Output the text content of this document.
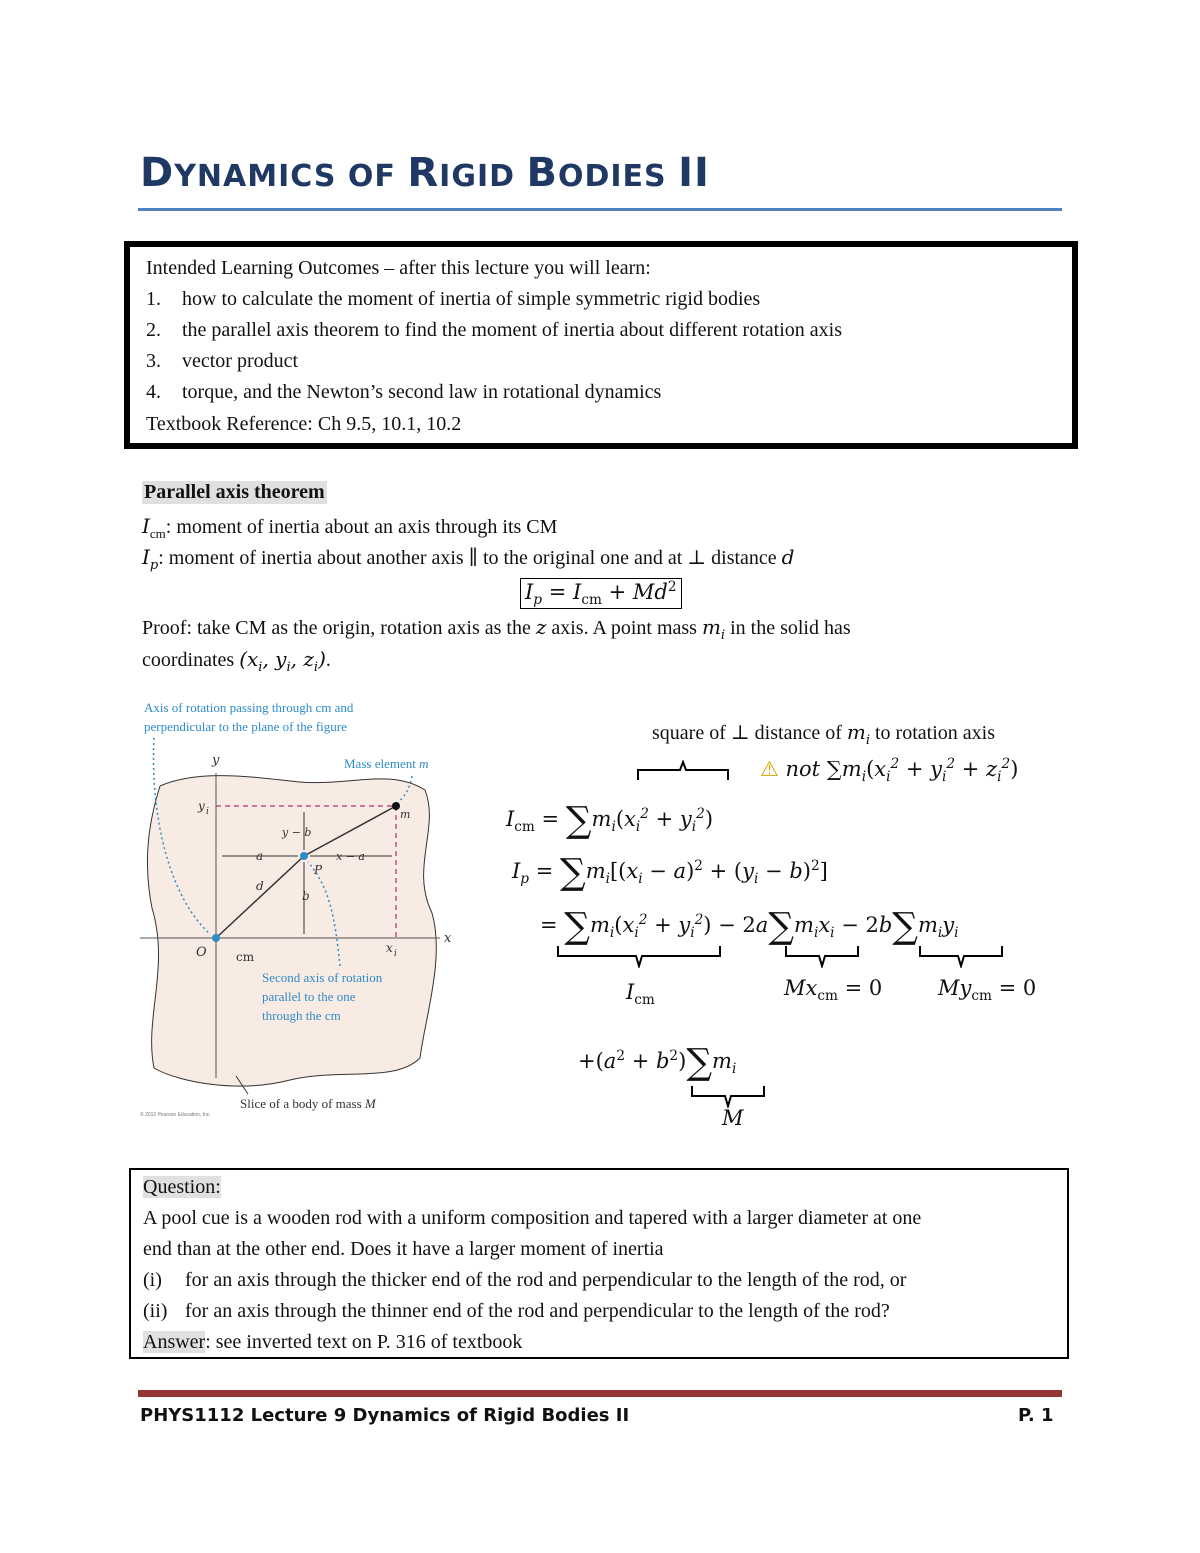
DYNAMICS OF RIGID BODIES II
Intended Learning Outcomes – after this lecture you will learn:
1. how to calculate the moment of inertia of simple symmetric rigid bodies
2. the parallel axis theorem to find the moment of inertia about different rotation axis
3. vector product
4. torque, and the Newton’s second law in rotational dynamics
Textbook Reference: Ch 9.5, 10.1, 10.2
Parallel axis theorem
$I_{cm}$: moment of inertia about an axis through its CM
$I_p$: moment of inertia about another axis ∥ to the original one and at ⊥ distance d
$I_p = I_{cm} + Md^2$
Proof: take CM as the origin, rotation axis as the z axis. A point mass $m_i$ in the solid has
coordinates ($x_i$, $y_i$, $z_i$).
y
x
O cm
y i
x i
a
b
x − a
y − b
d
P
m
Axis of rotation passing through cm and
perpendicular to the plane of the figure
Mass element m
Second axis of rotation
parallel to the one
through the cm
Slice of a body of mass M
© 2012 Pearson Education, Inc.
square of ⊥ distance of $m_i$ to rotation axis
⚠ not $\sum m_i(x_i^2 + y_i^2 + z_i^2)$
$I_{cm} = \sum m_i(x_i^2 + y_i^2)$
$I_p = \sum m_i[(x_i - a)^2 + (y_i - b)^2]$
= $\sum m_i(x_i^2 + y_i^2) - 2a\sum m_ix_i - 2b\sum m_iy_i$
$I_{cm}$
$Mx_{cm} = 0$	$My_{cm} = 0$
$+(a^2 + b^2)\sum m_i$
M
Question:
A pool cue is a wooden rod with a uniform composition and tapered with a larger diameter at one
end than at the other end. Does it have a larger moment of inertia
(i) for an axis through the thicker end of the rod and perpendicular to the length of the rod, or
(ii) for an axis through the thinner end of the rod and perpendicular to the length of the rod?
Answer: see inverted text on P. 316 of textbook
PHYS1112 Lecture 9 Dynamics of Rigid Bodies II	P. 1
